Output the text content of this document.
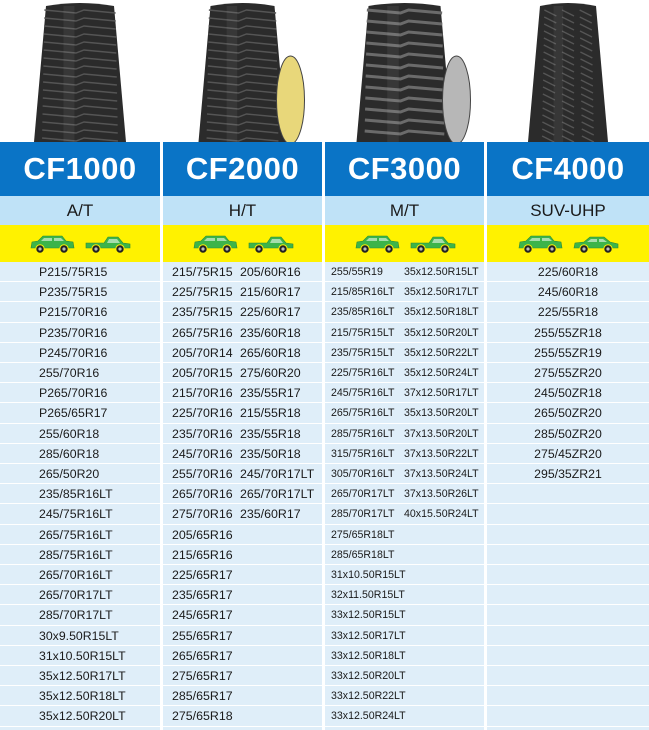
CF1000
A/T
P215/75R15
P235/75R15
P215/70R16
P235/70R16
P245/70R16
255/70R16
P265/70R16
P265/65R17
255/60R18
285/60R18
265/50R20
235/85R16LT
245/75R16LT
265/75R16LT
285/75R16LT
265/70R16LT
265/70R17LT
285/70R17LT
30x9.50R15LT
31x10.50R15LT
35x12.50R17LT
35x12.50R18LT
35x12.50R20LT
CF2000
H/T
215/75R15 205/60R16
225/75R15 215/60R17
235/75R15 225/60R17
265/75R16 235/60R18
205/70R14 265/60R18
205/70R15 275/60R20
215/70R16 235/55R17
225/70R16 215/55R18
235/70R16 235/55R18
245/70R16 235/50R18
255/70R16 245/70R17LT
265/70R16 265/70R17LT
275/70R16 235/60R17
205/65R16
215/65R16
225/65R17
235/65R17
245/65R17
255/65R17
265/65R17
275/65R17
285/65R17
275/65R18
CF3000
M/T
255/55R19 35x12.50R15LT
215/85R16LT 35x12.50R17LT
235/85R16LT 35x12.50R18LT
215/75R15LT 35x12.50R20LT
235/75R15LT 35x12.50R22LT
225/75R16LT 35x12.50R24LT
245/75R16LT 37x12.50R17LT
265/75R16LT 35x13.50R20LT
285/75R16LT 37x13.50R20LT
315/75R16LT 37x13.50R22LT
305/70R16LT 37x13.50R24LT
265/70R17LT 37x13.50R26LT
285/70R17LT 40x15.50R24LT
275/65R18LT
285/65R18LT
31x10.50R15LT
32x11.50R15LT
33x12.50R15LT
33x12.50R17LT
33x12.50R18LT
33x12.50R20LT
33x12.50R22LT
33x12.50R24LT
CF4000
SUV-UHP
225/60R18
245/60R18
225/55R18
255/55ZR18
255/55ZR19
275/55ZR20
245/50ZR18
265/50ZR20
285/50ZR20
275/45ZR20
295/35ZR21
